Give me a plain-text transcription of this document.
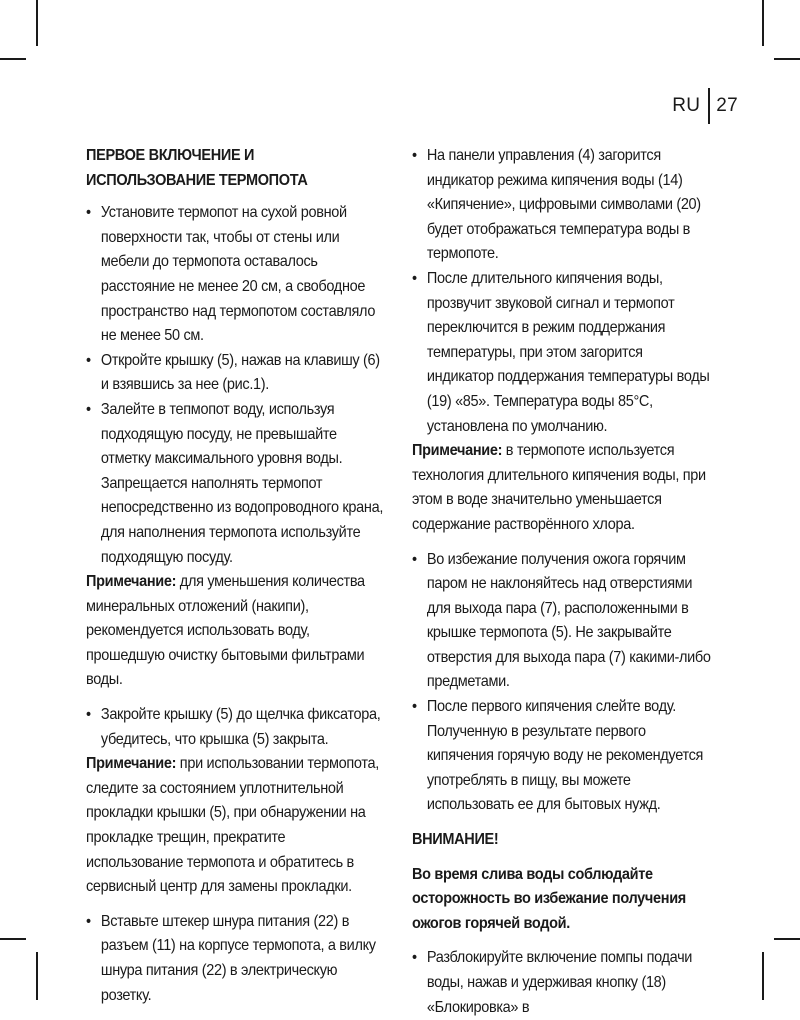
RU 27

ПЕРВОЕ ВКЛЮЧЕНИЕ И ИСПОЛЬЗОВАНИЕ ТЕРМОПОТА

• Установите термопот на сухой ровной поверхности так, чтобы от стены или мебели до термопота оставалось расстояние не менее 20 см, а свободное пространство над термопотом составляло не менее 50 см.
• Откройте крышку (5), нажав на клавишу (6) и взявшись за нее (рис.1).
• Залейте в тепмопот воду, используя подходящую посуду, не превышайте отметку максимального уровня воды. Запрещается наполнять термопот непосредственно из водопроводного крана, для наполнения термопота используйте подходящую посуду.

Примечание: для уменьшения количества минеральных отложений (накипи), рекомендуется использовать воду, прошедшую очистку бытовыми фильтрами воды.

• Закройте крышку (5) до щелчка фиксатора, убедитесь, что крышка (5) закрыта.

Примечание: при использовании термопота, следите за состоянием уплотнительной прокладки крышки (5), при обнаружении на прокладке трещин, прекратите использование термопота и обратитесь в сервисный центр для замены прокладки.

• Вставьте штекер шнура питания (22) в разъем (11) на корпусе термопота, а вилку шнура питания (22) в электрическую розетку.
• На панели управления (4) загорится индикатор режима кипячения воды (14) «Кипячение», цифровыми символами (20) будет отображаться температура воды в термопоте.
• После длительного кипячения воды, прозвучит звуковой сигнал и термопот переключится в режим поддержания температуры, при этом загорится индикатор поддержания температуры воды (19) «85». Температура воды 85°C, установлена по умолчанию.

Примечание: в термопоте используется технология длительного кипячения воды, при этом в воде значительно уменьшается содержание растворённого хлора.

• Во избежание получения ожога горячим паром не наклоняйтесь над отверстиями для выхода пара (7), расположенными в крышке термопота (5). Не закрывайте отверстия для выхода пара (7) какими-либо предметами.
• После первого кипячения слейте воду. Полученную в результате первого кипячения горячую воду не рекомендуется употреблять в пищу, вы можете использовать ее для бытовых нужд.

ВНИМАНИЕ!

Во время слива воды соблюдайте осторожность во избежание получения ожогов горячей водой.

• Разблокируйте включение помпы подачи воды, нажав и удерживая кнопку (18) «Блокировка» в
